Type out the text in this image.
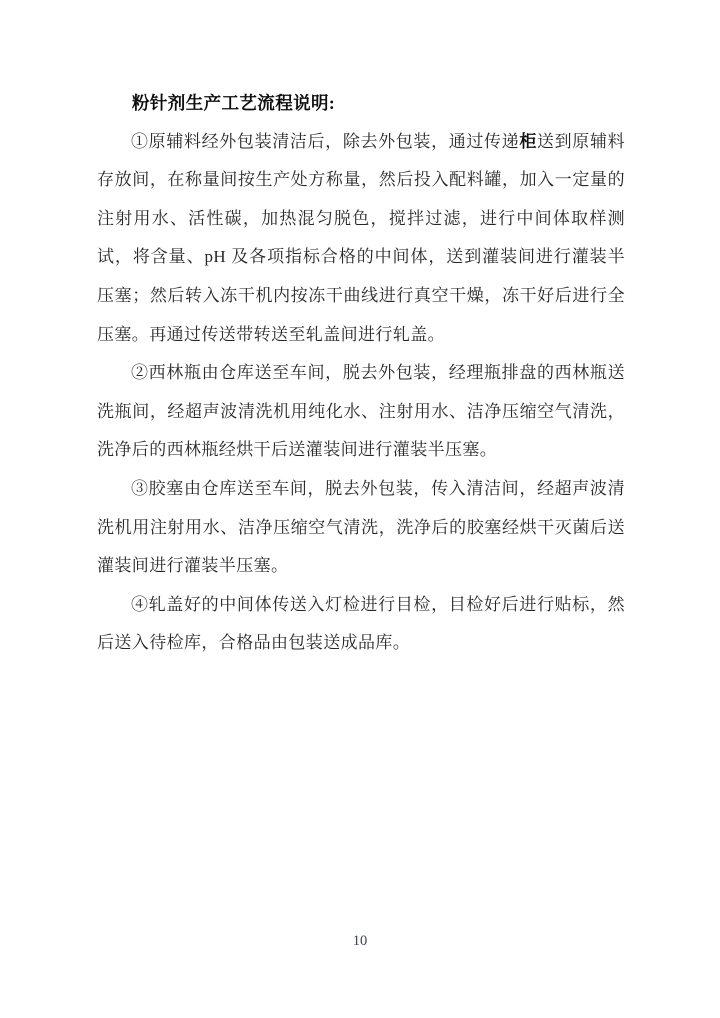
粉针剂生产工艺流程说明:

①原辅料经外包装清洁后，除去外包装，通过传递柜送到原辅料存放间，在称量间按生产处方称量，然后投入配料罐，加入一定量的注射用水、活性碳，加热混匀脱色，搅拌过滤，进行中间体取样测试，将含量、pH 及各项指标合格的中间体，送到灌装间进行灌装半压塞；然后转入冻干机内按冻干曲线进行真空干燥，冻干好后进行全压塞。再通过传送带转送至轧盖间进行轧盖。

②西林瓶由仓库送至车间，脱去外包装，经理瓶排盘的西林瓶送洗瓶间，经超声波清洗机用纯化水、注射用水、洁净压缩空气清洗，洗净后的西林瓶经烘干后送灌装间进行灌装半压塞。

③胶塞由仓库送至车间，脱去外包装，传入清洁间，经超声波清洗机用注射用水、洁净压缩空气清洗，洗净后的胶塞经烘干灭菌后送灌装间进行灌装半压塞。

④轧盖好的中间体传送入灯检进行目检，目检好后进行贴标，然后送入待检库，合格品由包装送成品库。

10
